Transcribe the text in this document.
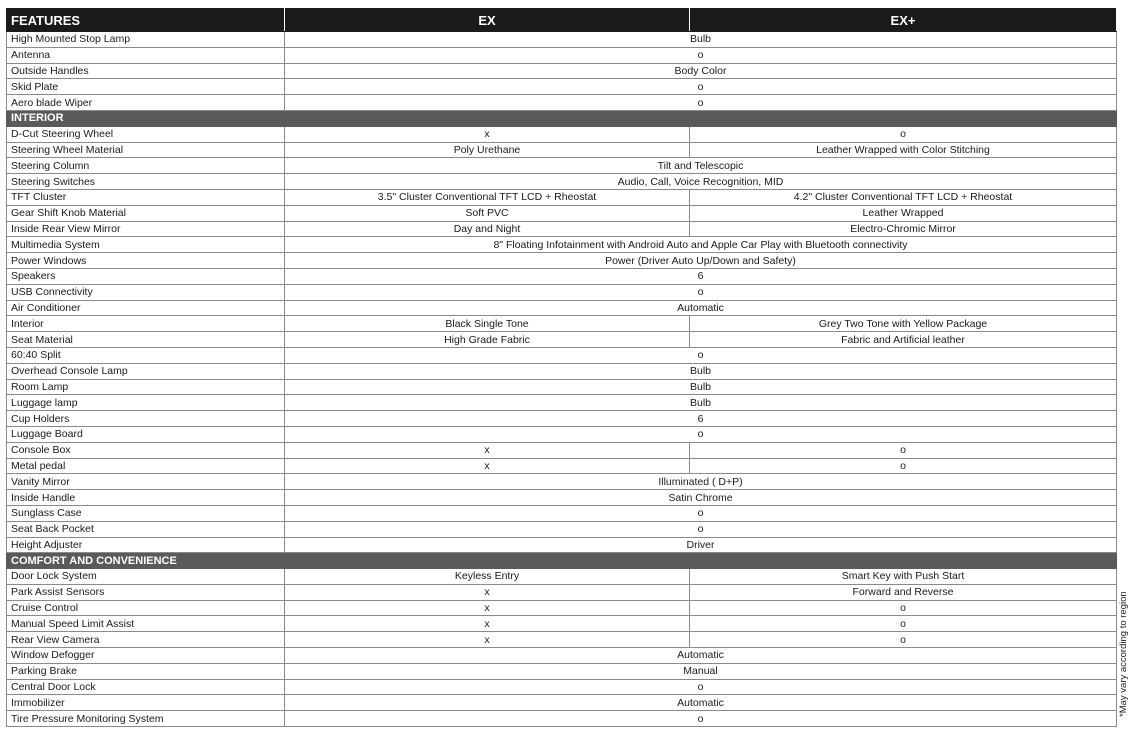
FEATURES	EX	EX+
High Mounted Stop Lamp	Bulb	
Antenna	o	
Outside Handles	Body Color	
Skid Plate	o	
Aero blade Wiper	o	
INTERIOR		
D-Cut Steering Wheel	x	o
Steering Wheel Material	Poly Urethane	Leather Wrapped with Color Stitching
Steering Column	Tilt and Telescopic	
Steering Switches	Audio, Call, Voice Recognition, MID	
TFT Cluster	3.5" Cluster Conventional TFT LCD + Rheostat	4.2" Cluster Conventional TFT LCD + Rheostat
Gear Shift Knob Material	Soft PVC	Leather Wrapped
Inside Rear View Mirror	Day and Night	Electro-Chromic Mirror
Multimedia System	8" Floating Infotainment with Android Auto and Apple Car Play with Bluetooth connectivity	
Power Windows	Power (Driver Auto Up/Down and Safety)	
Speakers	6	
USB Connectivity	o	
Air Conditioner	Automatic	
Interior	Black Single Tone	Grey Two Tone with Yellow Package
Seat Material	High Grade Fabric	Fabric and Artificial leather
60:40 Split	o	
Overhead Console Lamp	Bulb	
Room Lamp	Bulb	
Luggage lamp	Bulb	
Cup Holders	6	
Luggage Board	o	
Console Box	x	o
Metal pedal	x	o
Vanity Mirror	Illuminated ( D+P)	
Inside Handle	Satin Chrome	
Sunglass Case	o	
Seat Back Pocket	o	
Height Adjuster	Driver	
COMFORT AND CONVENIENCE		
Door Lock System	Keyless Entry	Smart Key with Push Start
Park Assist Sensors	x	Forward and Reverse
Cruise Control	x	o
Manual Speed Limit Assist	x	o
Rear View Camera	x	o
Window Defogger	Automatic	
Parking Brake	Manual	
Central Door Lock	o	
Immobilizer	Automatic	
Tire Pressure Monitoring System	o	
*May vary according to region
